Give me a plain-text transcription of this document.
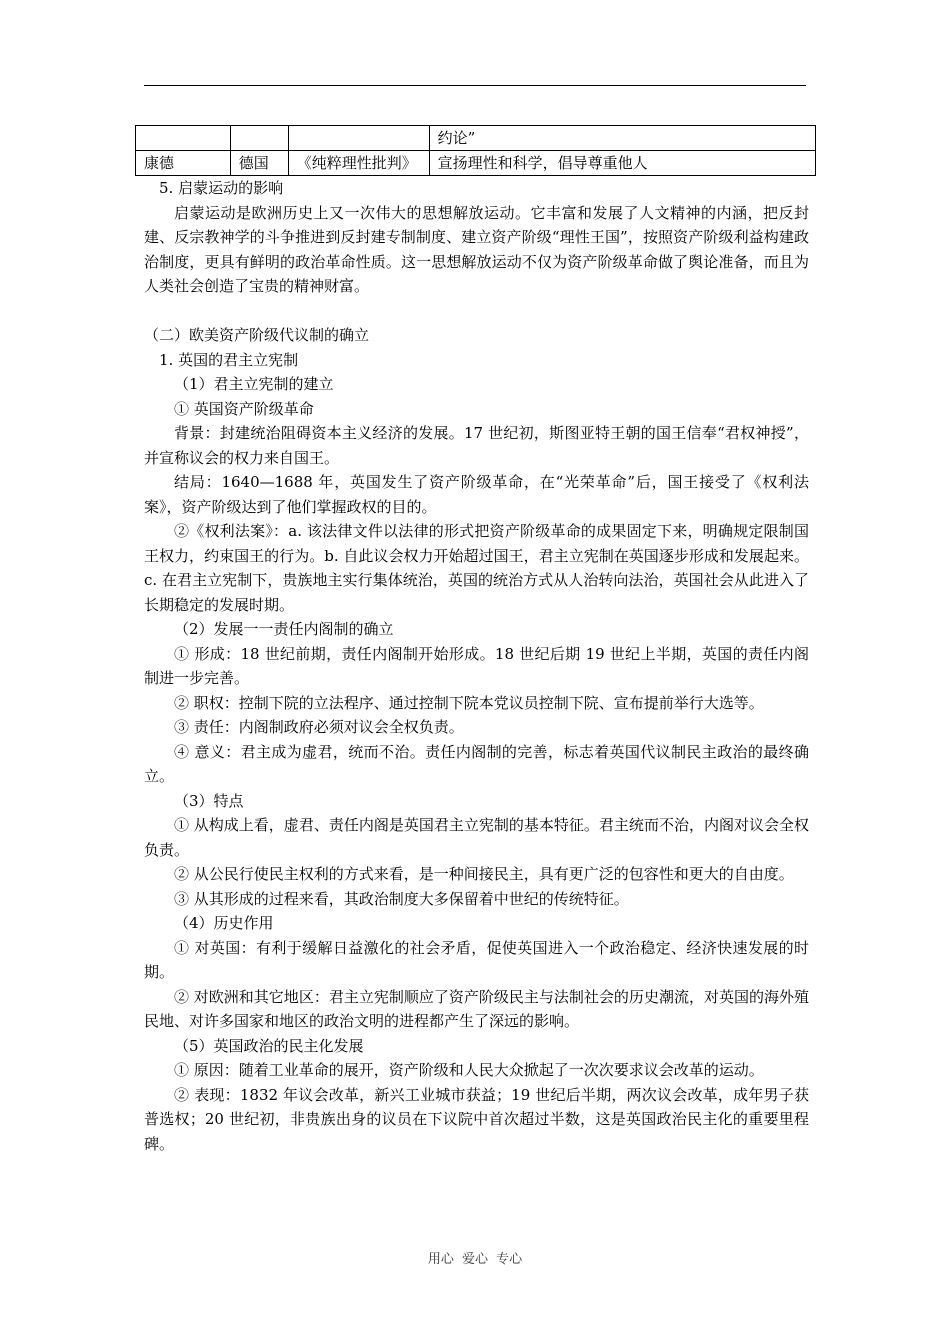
			约论”
康德	德国	《纯粹理性批判》	宣扬理性和科学，倡导尊重他人

5. 启蒙运动的影响

启蒙运动是欧洲历史上又一次伟大的思想解放运动。它丰富和发展了人文精神的内涵，把反封建、反宗教神学的斗争推进到反封建专制制度、建立资产阶级“理性王国”，按照资产阶级利益构建政治制度，更具有鲜明的政治革命性质。这一思想解放运动不仅为资产阶级革命做了舆论准备，而且为人类社会创造了宝贵的精神财富。

（二）欧美资产阶级代议制的确立

1. 英国的君主立宪制

（1）君主立宪制的建立

① 英国资产阶级革命

背景：封建统治阻碍资本主义经济的发展。17 世纪初，斯图亚特王朝的国王信奉“君权神授”，并宣称议会的权力来自国王。

结局：1640—1688 年，英国发生了资产阶级革命，在“光荣革命”后，国王接受了《权利法案》，资产阶级达到了他们掌握政权的目的。

②《权利法案》：a. 该法律文件以法律的形式把资产阶级革命的成果固定下来，明确规定限制国王权力，约束国王的行为。b. 自此议会权力开始超过国王，君主立宪制在英国逐步形成和发展起来。c. 在君主立宪制下，贵族地主实行集体统治，英国的统治方式从人治转向法治，英国社会从此进入了长期稳定的发展时期。

（2）发展一一责任内阁制的确立

① 形成：18 世纪前期，责任内阁制开始形成。18 世纪后期 19 世纪上半期，英国的责任内阁制进一步完善。

② 职权：控制下院的立法程序、通过控制下院本党议员控制下院、宣布提前举行大选等。

③ 责任：内阁制政府必须对议会全权负责。

④ 意义：君主成为虚君，统而不治。责任内阁制的完善，标志着英国代议制民主政治的最终确立。

（3）特点

① 从构成上看，虚君、责任内阁是英国君主立宪制的基本特征。君主统而不治，内阁对议会全权负责。

② 从公民行使民主权利的方式来看，是一种间接民主，具有更广泛的包容性和更大的自由度。

③ 从其形成的过程来看，其政治制度大多保留着中世纪的传统特征。

（4）历史作用

① 对英国：有利于缓解日益激化的社会矛盾，促使英国进入一个政治稳定、经济快速发展的时期。

② 对欧洲和其它地区：君主立宪制顺应了资产阶级民主与法制社会的历史潮流，对英国的海外殖民地、对许多国家和地区的政治文明的进程都产生了深远的影响。

（5）英国政治的民主化发展

① 原因：随着工业革命的展开，资产阶级和人民大众掀起了一次次要求议会改革的运动。

② 表现：1832 年议会改革，新兴工业城市获益；19 世纪后半期，两次议会改革，成年男子获普选权；20 世纪初，非贵族出身的议员在下议院中首次超过半数，这是英国政治民主化的重要里程碑。

用心 爱心 专心
